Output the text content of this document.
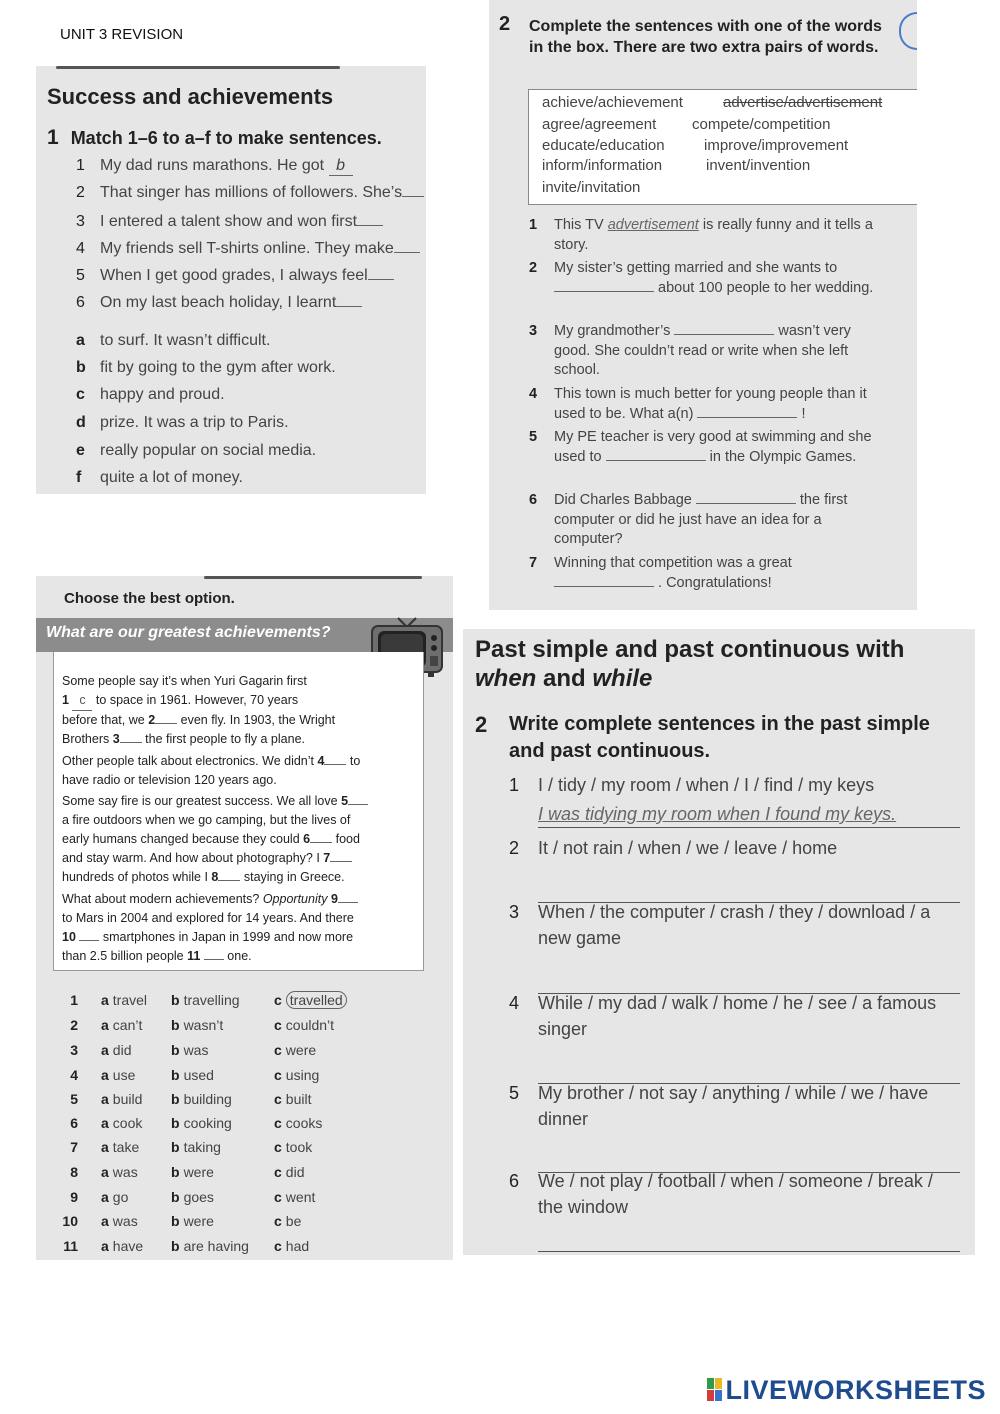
UNIT 3 REVISION
Success and achievements
1 Match 1–6 to a–f to make sentences.
1 My dad runs marathons. He got b
2 That singer has millions of followers. She’s
3 I entered a talent show and won first
4 My friends sell T-shirts online. They make
5 When I get good grades, I always feel
6 On my last beach holiday, I learnt
a to surf. It wasn’t difficult.
b fit by going to the gym after work.
c happy and proud.
d prize. It was a trip to Paris.
e really popular on social media.
f quite a lot of money.
2 Complete the sentences with one of the words in the box. There are two extra pairs of words.
achieve/achievement	advertise/advertisement
agree/agreement compete/competition
educate/education	improve/improvement
inform/information	invent/invention
invite/invitation
1 This TV advertisement is really funny and it tells a story.
2 My sister’s getting married and she wants to  about 100 people to her wedding.
3 My grandmother’s	wasn’t very good. She couldn’t read or write when she left school.
4 This town is much better for young people than it used to be. What a(n)	!
5 My PE teacher is very good at swimming and she used to	in the Olympic Games.
6 Did Charles Babbage	the first computer or did he just have an idea for a computer?
7 Winning that competition was a great
. Congratulations!
Choose the best option.
What are our greatest achievements?
Some people say it’s when Yuri Gagarin first
1 c to space in 1961. However, 70 years
before that, we 2 even fly. In 1903, the Wright
Brothers 3 the first people to fly a plane.
Other people talk about electronics. We didn’t 4 to
have radio or television 120 years ago.
Some say fire is our greatest success. We all love 5
a fire outdoors when we go camping, but the lives of
early humans changed because they could 6 food
and stay warm. And how about photography? I 7
hundreds of photos while I 8 staying in Greece.
What about modern achievements? Opportunity 9
to Mars in 2004 and explored for 14 years. And there
10 smartphones in Japan in 1999 and now more
than 2.5 billion people 11 one.
1 a travel b travelling c travelled
2 a can’t b wasn’t	c couldn’t
3 a did	b was	c were
4 a use	b used	c using
5 a build b building	c built
6 a cook b cooking	c cooks
7 a take b taking	c took
8 a was b were	c did
9 a go	b goes	c went
10 a was b were	c be
11 a have b are having c had
Past simple and past continuous with
when and while
2 Write complete sentences in the past simple and past continuous.
1 I / tidy / my room / when / I / find / my keys
I was tidying my room when I found my keys.
2 It / not rain / when / we / leave / home
3 When / the computer / crash / they / download / a new game
4 While / my dad / walk / home / he / see / a famous singer
5 My brother / not say / anything / while / we / have dinner
6 We / not play / football / when / someone / break / the window
LIVEWORKSHEETS
